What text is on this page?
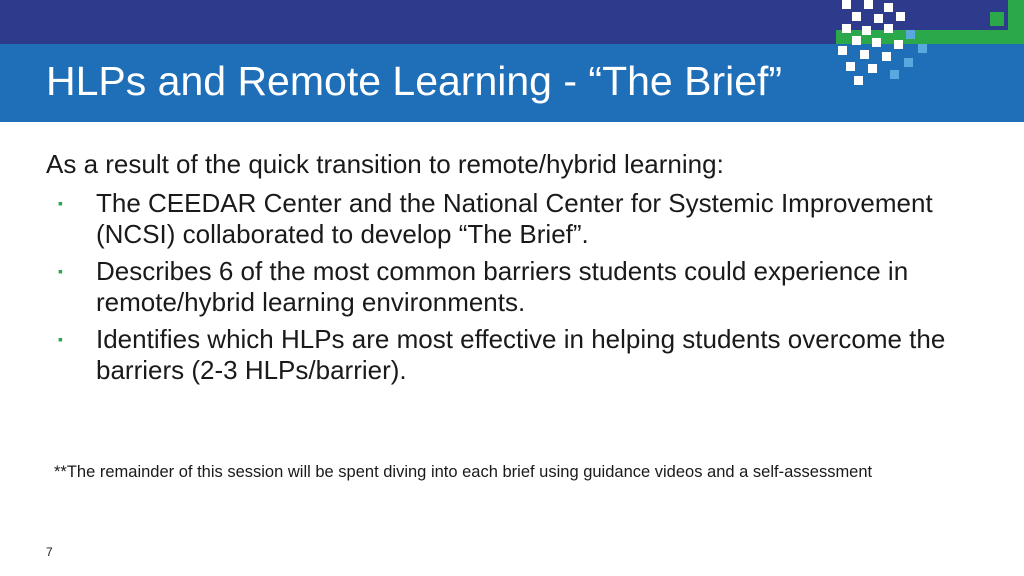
HLPs and Remote Learning - “The Brief”

As a result of the quick transition to remote/hybrid learning:

▪ The CEEDAR Center and the National Center for Systemic Improvement (NCSI) collaborated to develop “The Brief”.
▪ Describes 6 of the most common barriers students could experience in remote/hybrid learning environments.
▪ Identifies which HLPs are most effective in helping students overcome the barriers (2-3 HLPs/barrier).

**The remainder of this session will be spent diving into each brief using guidance videos and a self-assessment

7
